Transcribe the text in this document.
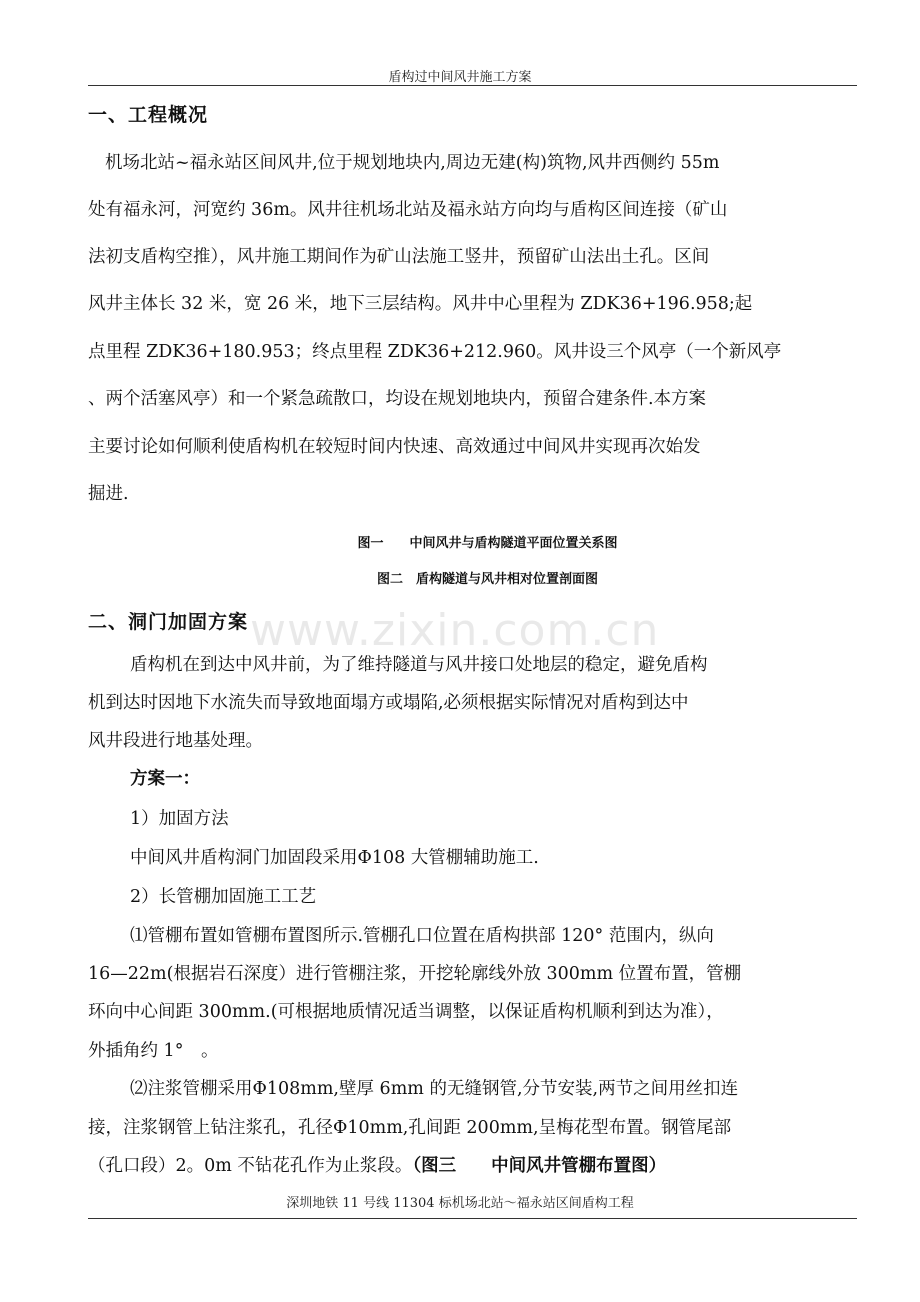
盾构过中间风井施工方案
www.zixin.com.cn
一、工程概况
机场北站~福永站区间风井,位于规划地块内,周边无建(构)筑物,风井西侧约 55m
处有福永河，河宽约 36m。风井往机场北站及福永站方向均与盾构区间连接（矿山
法初支盾构空推），风井施工期间作为矿山法施工竖井，预留矿山法出土孔。区间
风井主体长 32 米，宽 26 米，地下三层结构。风井中心里程为 ZDK36+196.958;起
点里程 ZDK36+180.953；终点里程 ZDK36+212.960。风井设三个风亭（一个新风亭
、两个活塞风亭）和一个紧急疏散口，均设在规划地块内，预留合建条件.本方案
主要讨论如何顺利使盾构机在较短时间内快速、高效通过中间风井实现再次始发
掘进.
图一　　中间风井与盾构隧道平面位置关系图
图二　盾构隧道与风井相对位置剖面图
二、洞门加固方案
盾构机在到达中风井前，为了维持隧道与风井接口处地层的稳定，避免盾构
机到达时因地下水流失而导致地面塌方或塌陷,必须根据实际情况对盾构到达中
风井段进行地基处理。
方案一：
1）加固方法
中间风井盾构洞门加固段采用Φ108 大管棚辅助施工.
2）长管棚加固施工工艺
⑴管棚布置如管棚布置图所示.管棚孔口位置在盾构拱部 120° 范围内，纵向
16—22m(根据岩石深度）进行管棚注浆，开挖轮廓线外放 300mm 位置布置，管棚
环向中心间距 300mm.(可根据地质情况适当调整，以保证盾构机顺利到达为准），
外插角约 1°　。
⑵注浆管棚采用Φ108mm,壁厚 6mm 的无缝钢管,分节安装,两节之间用丝扣连
接，注浆钢管上钻注浆孔，孔径Φ10mm,孔间距 200mm,呈梅花型布置。钢管尾部
（孔口段）2。0m 不钻花孔作为止浆段。（图三　　中间风井管棚布置图）
深圳地铁 11 号线 11304 标机场北站～福永站区间盾构工程
